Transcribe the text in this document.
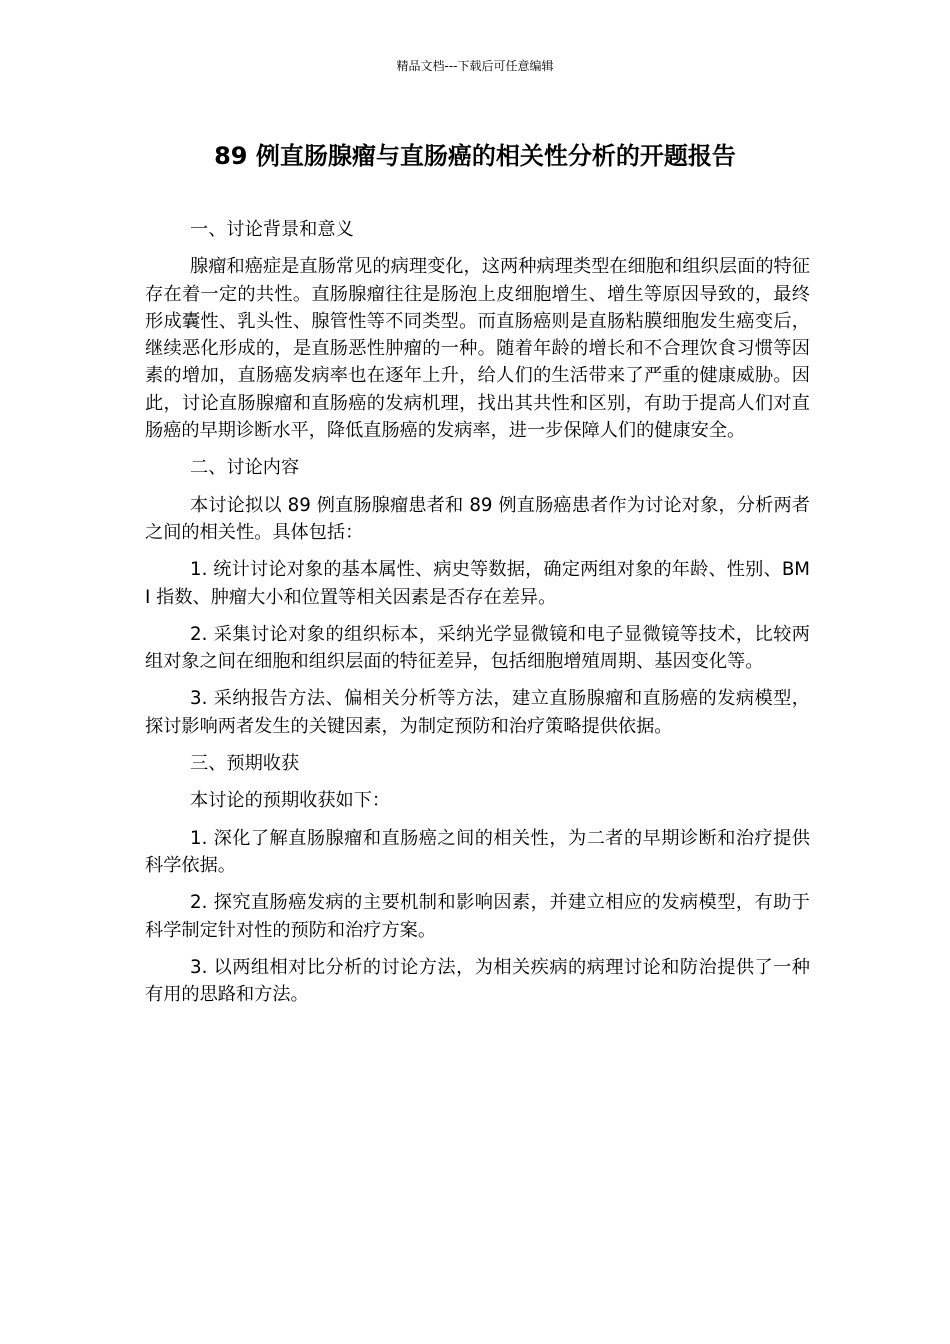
精品文档---下载后可任意编辑
89 例直肠腺瘤与直肠癌的相关性分析的开题报告

一、讨论背景和意义

腺瘤和癌症是直肠常见的病理变化，这两种病理类型在细胞和组织层面的特征存在着一定的共性。直肠腺瘤往往是肠泡上皮细胞增生、增生等原因导致的，最终形成囊性、乳头性、腺管性等不同类型。而直肠癌则是直肠粘膜细胞发生癌变后，继续恶化形成的，是直肠恶性肿瘤的一种。随着年龄的增长和不合理饮食习惯等因素的增加，直肠癌发病率也在逐年上升，给人们的生活带来了严重的健康威胁。因此，讨论直肠腺瘤和直肠癌的发病机理，找出其共性和区别，有助于提高人们对直肠癌的早期诊断水平，降低直肠癌的发病率，进一步保障人们的健康安全。

二、讨论内容

本讨论拟以 89 例直肠腺瘤患者和 89 例直肠癌患者作为讨论对象，分析两者之间的相关性。具体包括：

1. 统计讨论对象的基本属性、病史等数据，确定两组对象的年龄、性别、BMI 指数、肿瘤大小和位置等相关因素是否存在差异。

2. 采集讨论对象的组织标本，采纳光学显微镜和电子显微镜等技术，比较两组对象之间在细胞和组织层面的特征差异，包括细胞增殖周期、基因变化等。

3. 采纳报告方法、偏相关分析等方法，建立直肠腺瘤和直肠癌的发病模型，探讨影响两者发生的关键因素，为制定预防和治疗策略提供依据。

三、预期收获

本讨论的预期收获如下：

1. 深化了解直肠腺瘤和直肠癌之间的相关性，为二者的早期诊断和治疗提供科学依据。

2. 探究直肠癌发病的主要机制和影响因素，并建立相应的发病模型，有助于科学制定针对性的预防和治疗方案。

3. 以两组相对比分析的讨论方法，为相关疾病的病理讨论和防治提供了一种有用的思路和方法。
